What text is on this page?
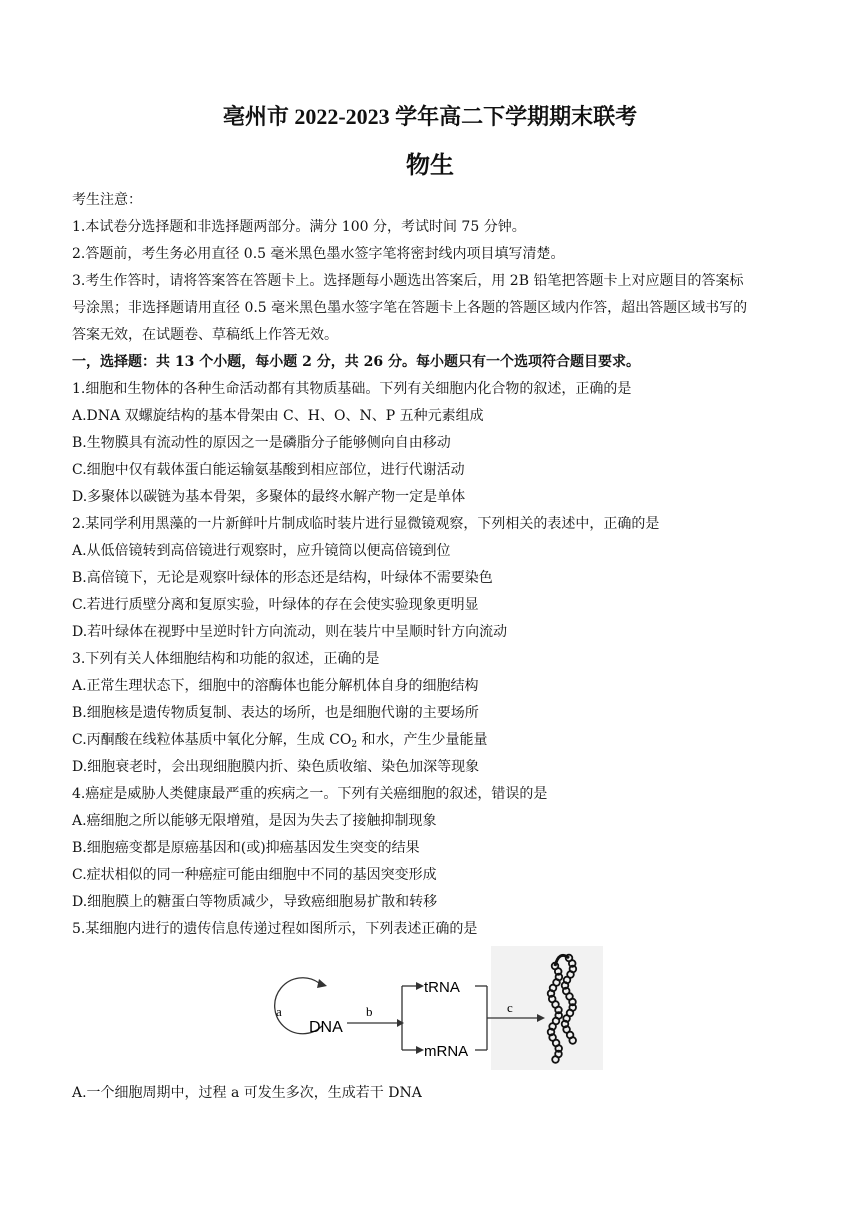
亳州市 2022-2023 学年高二下学期期末联考
物生
考生注意：
1.本试卷分选择题和非选择题两部分。满分 100 分，考试时间 75 分钟。
2.答题前，考生务必用直径 0.5 毫米黑色墨水签字笔将密封线内项目填写清楚。
3.考生作答时，请将答案答在答题卡上。选择题每小题选出答案后，用 2B 铅笔把答题卡上对应题目的答案标
号涂黑；非选择题请用直径 0.5 毫米黑色墨水签字笔在答题卡上各题的答题区域内作答，超出答题区域书写的
答案无效，在试题卷、草稿纸上作答无效。
一，选择题：共 13 个小题，每小题 2 分，共 26 分。每小题只有一个选项符合题目要求。
1.细胞和生物体的各种生命活动都有其物质基础。下列有关细胞内化合物的叙述，正确的是
A.DNA 双螺旋结构的基本骨架由 C、H、O、N、P 五种元素组成
B.生物膜具有流动性的原因之一是磷脂分子能够侧向自由移动
C.细胞中仅有载体蛋白能运输氨基酸到相应部位，进行代谢活动
D.多聚体以碳链为基本骨架，多聚体的最终水解产物一定是单体
2.某同学利用黑藻的一片新鲜叶片制成临时装片进行显微镜观察，下列相关的表述中，正确的是
A.从低倍镜转到高倍镜进行观察时，应升镜筒以便高倍镜到位
B.高倍镜下，无论是观察叶绿体的形态还是结构，叶绿体不需要染色
C.若进行质壁分离和复原实验，叶绿体的存在会使实验现象更明显
D.若叶绿体在视野中呈逆时针方向流动，则在装片中呈顺时针方向流动
3.下列有关人体细胞结构和功能的叙述，正确的是
A.正常生理状态下，细胞中的溶酶体也能分解机体自身的细胞结构
B.细胞核是遗传物质复制、表达的场所，也是细胞代谢的主要场所
C.丙酮酸在线粒体基质中氧化分解，生成 $CO_2$ 和水，产生少量能量
D.细胞衰老时，会出现细胞膜内折、染色质收缩、染色加深等现象
4.癌症是威胁人类健康最严重的疾病之一。下列有关癌细胞的叙述，错误的是
A.癌细胞之所以能够无限增殖，是因为失去了接触抑制现象
B.细胞癌变都是原癌基因和(或)抑癌基因发生突变的结果
C.症状相似的同一种癌症可能由细胞中不同的基因突变形成
D.细胞膜上的糖蛋白等物质减少，导致癌细胞易扩散和转移
5.某细胞内进行的遗传信息传递过程如图所示，下列表述正确的是
a
DNA
b
tRNA
mRNA
c
A.一个细胞周期中，过程 a 可发生多次，生成若干 DNA
